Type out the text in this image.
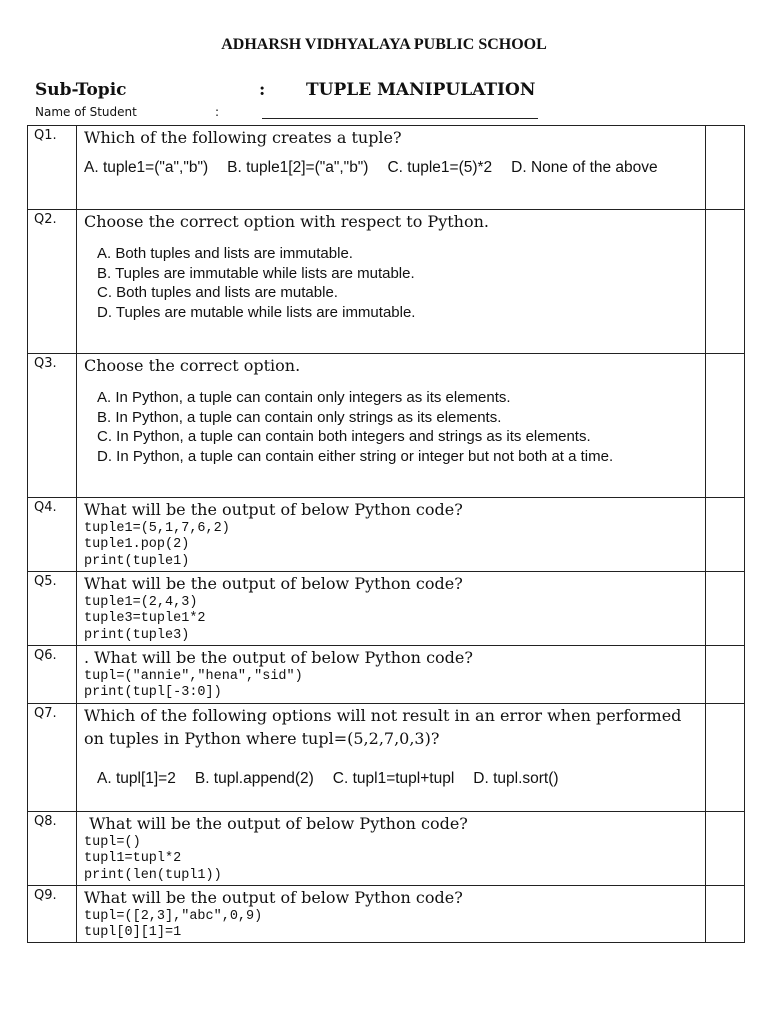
ADHARSH VIDHYALAYA PUBLIC SCHOOL
Sub-Topic	: TUPLE MANIPULATION
Name of Student	:
Q1.	Which of the following creates a tuple?
A. tuple1=("a","b") B. tuple1[2]=("a","b") C. tuple1=(5)*2 D. None of the above	

Q2.	Choose the correct option with respect to Python.
A. Both tuples and lists are immutable.
B. Tuples are immutable while lists are mutable.
C. Both tuples and lists are mutable.
D. Tuples are mutable while lists are immutable.	

Q3.	Choose the correct option.
A. In Python, a tuple can contain only integers as its elements.
B. In Python, a tuple can contain only strings as its elements.
C. In Python, a tuple can contain both integers and strings as its elements.
D. In Python, a tuple can contain either string or integer but not both at a time.	

Q4.	What will be the output of below Python code?
tuple1=(5,1,7,6,2)
tuple1.pop(2)
print(tuple1)	

Q5.	What will be the output of below Python code?
tuple1=(2,4,3)
tuple3=tuple1*2
print(tuple3)	

Q6.	. What will be the output of below Python code?
tupl=("annie","hena","sid")
print(tupl[-3:0])	

Q7.	Which of the following options will not result in an error when performed
on tuples in Python where tupl=(5,2,7,0,3)?
A. tupl[1]=2 B. tupl.append(2) C. tupl1=tupl+tupl D. tupl.sort()	

Q8.	What will be the output of below Python code?
tupl=()
tupl1=tupl*2
print(len(tupl1))	

Q9.	What will be the output of below Python code?
tupl=([2,3],"abc",0,9)
tupl[0][1]=1	
